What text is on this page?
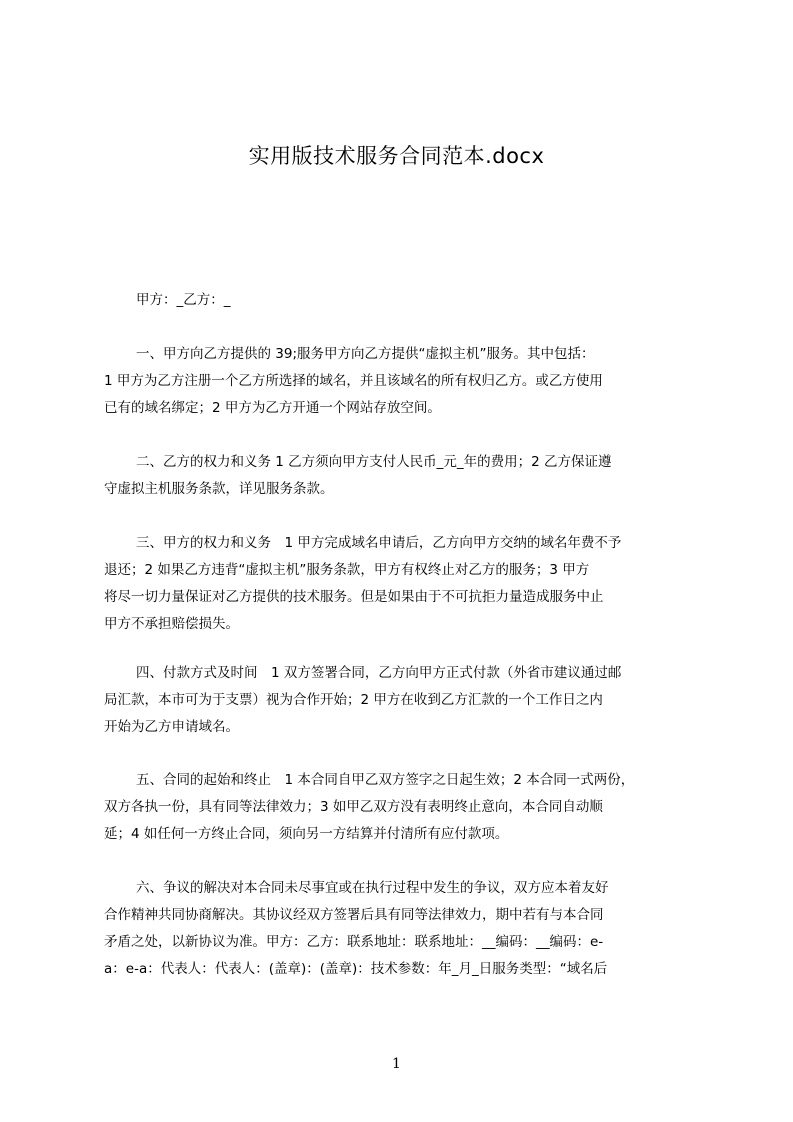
实用版技术服务合同范本.docx
甲方：_乙方：_
一、甲方向乙方提供的 39;服务甲方向乙方提供“虚拟主机”服务。其中包括：
1 甲方为乙方注册一个乙方所选择的域名，并且该域名的所有权归乙方。或乙方使用
已有的域名绑定；2 甲方为乙方开通一个网站存放空间。
二、乙方的权力和义务 1 乙方须向甲方支付人民币_元_年的费用；2 乙方保证遵
守虚拟主机服务条款，详见服务条款。
三、甲方的权力和义务　1 甲方完成域名申请后，乙方向甲方交纳的域名年费不予
退还；2 如果乙方违背“虚拟主机”服务条款，甲方有权终止对乙方的服务；3 甲方
将尽一切力量保证对乙方提供的技术服务。但是如果由于不可抗拒力量造成服务中止
甲方不承担赔偿损失。
四、付款方式及时间　1 双方签署合同，乙方向甲方正式付款（外省市建议通过邮
局汇款，本市可为于支票）视为合作开始；2 甲方在收到乙方汇款的一个工作日之内
开始为乙方申请域名。
五、合同的起始和终止　1 本合同自甲乙双方签字之日起生效；2 本合同一式两份，
双方各执一份，具有同等法律效力；3 如甲乙双方没有表明终止意向，本合同自动顺
延；4 如任何一方终止合同，须向另一方结算并付清所有应付款项。
六、争议的解决对本合同未尽事宜或在执行过程中发生的争议，双方应本着友好
合作精神共同协商解决。其协议经双方签署后具有同等法律效力，期中若有与本合同
矛盾之处，以新协议为准。甲方：乙方：联系地址：联系地址：__编码：__编码：e-
a：e-a：代表人：代表人：(盖章)：(盖章)：技术参数：年_月_日服务类型：“域名后
1
